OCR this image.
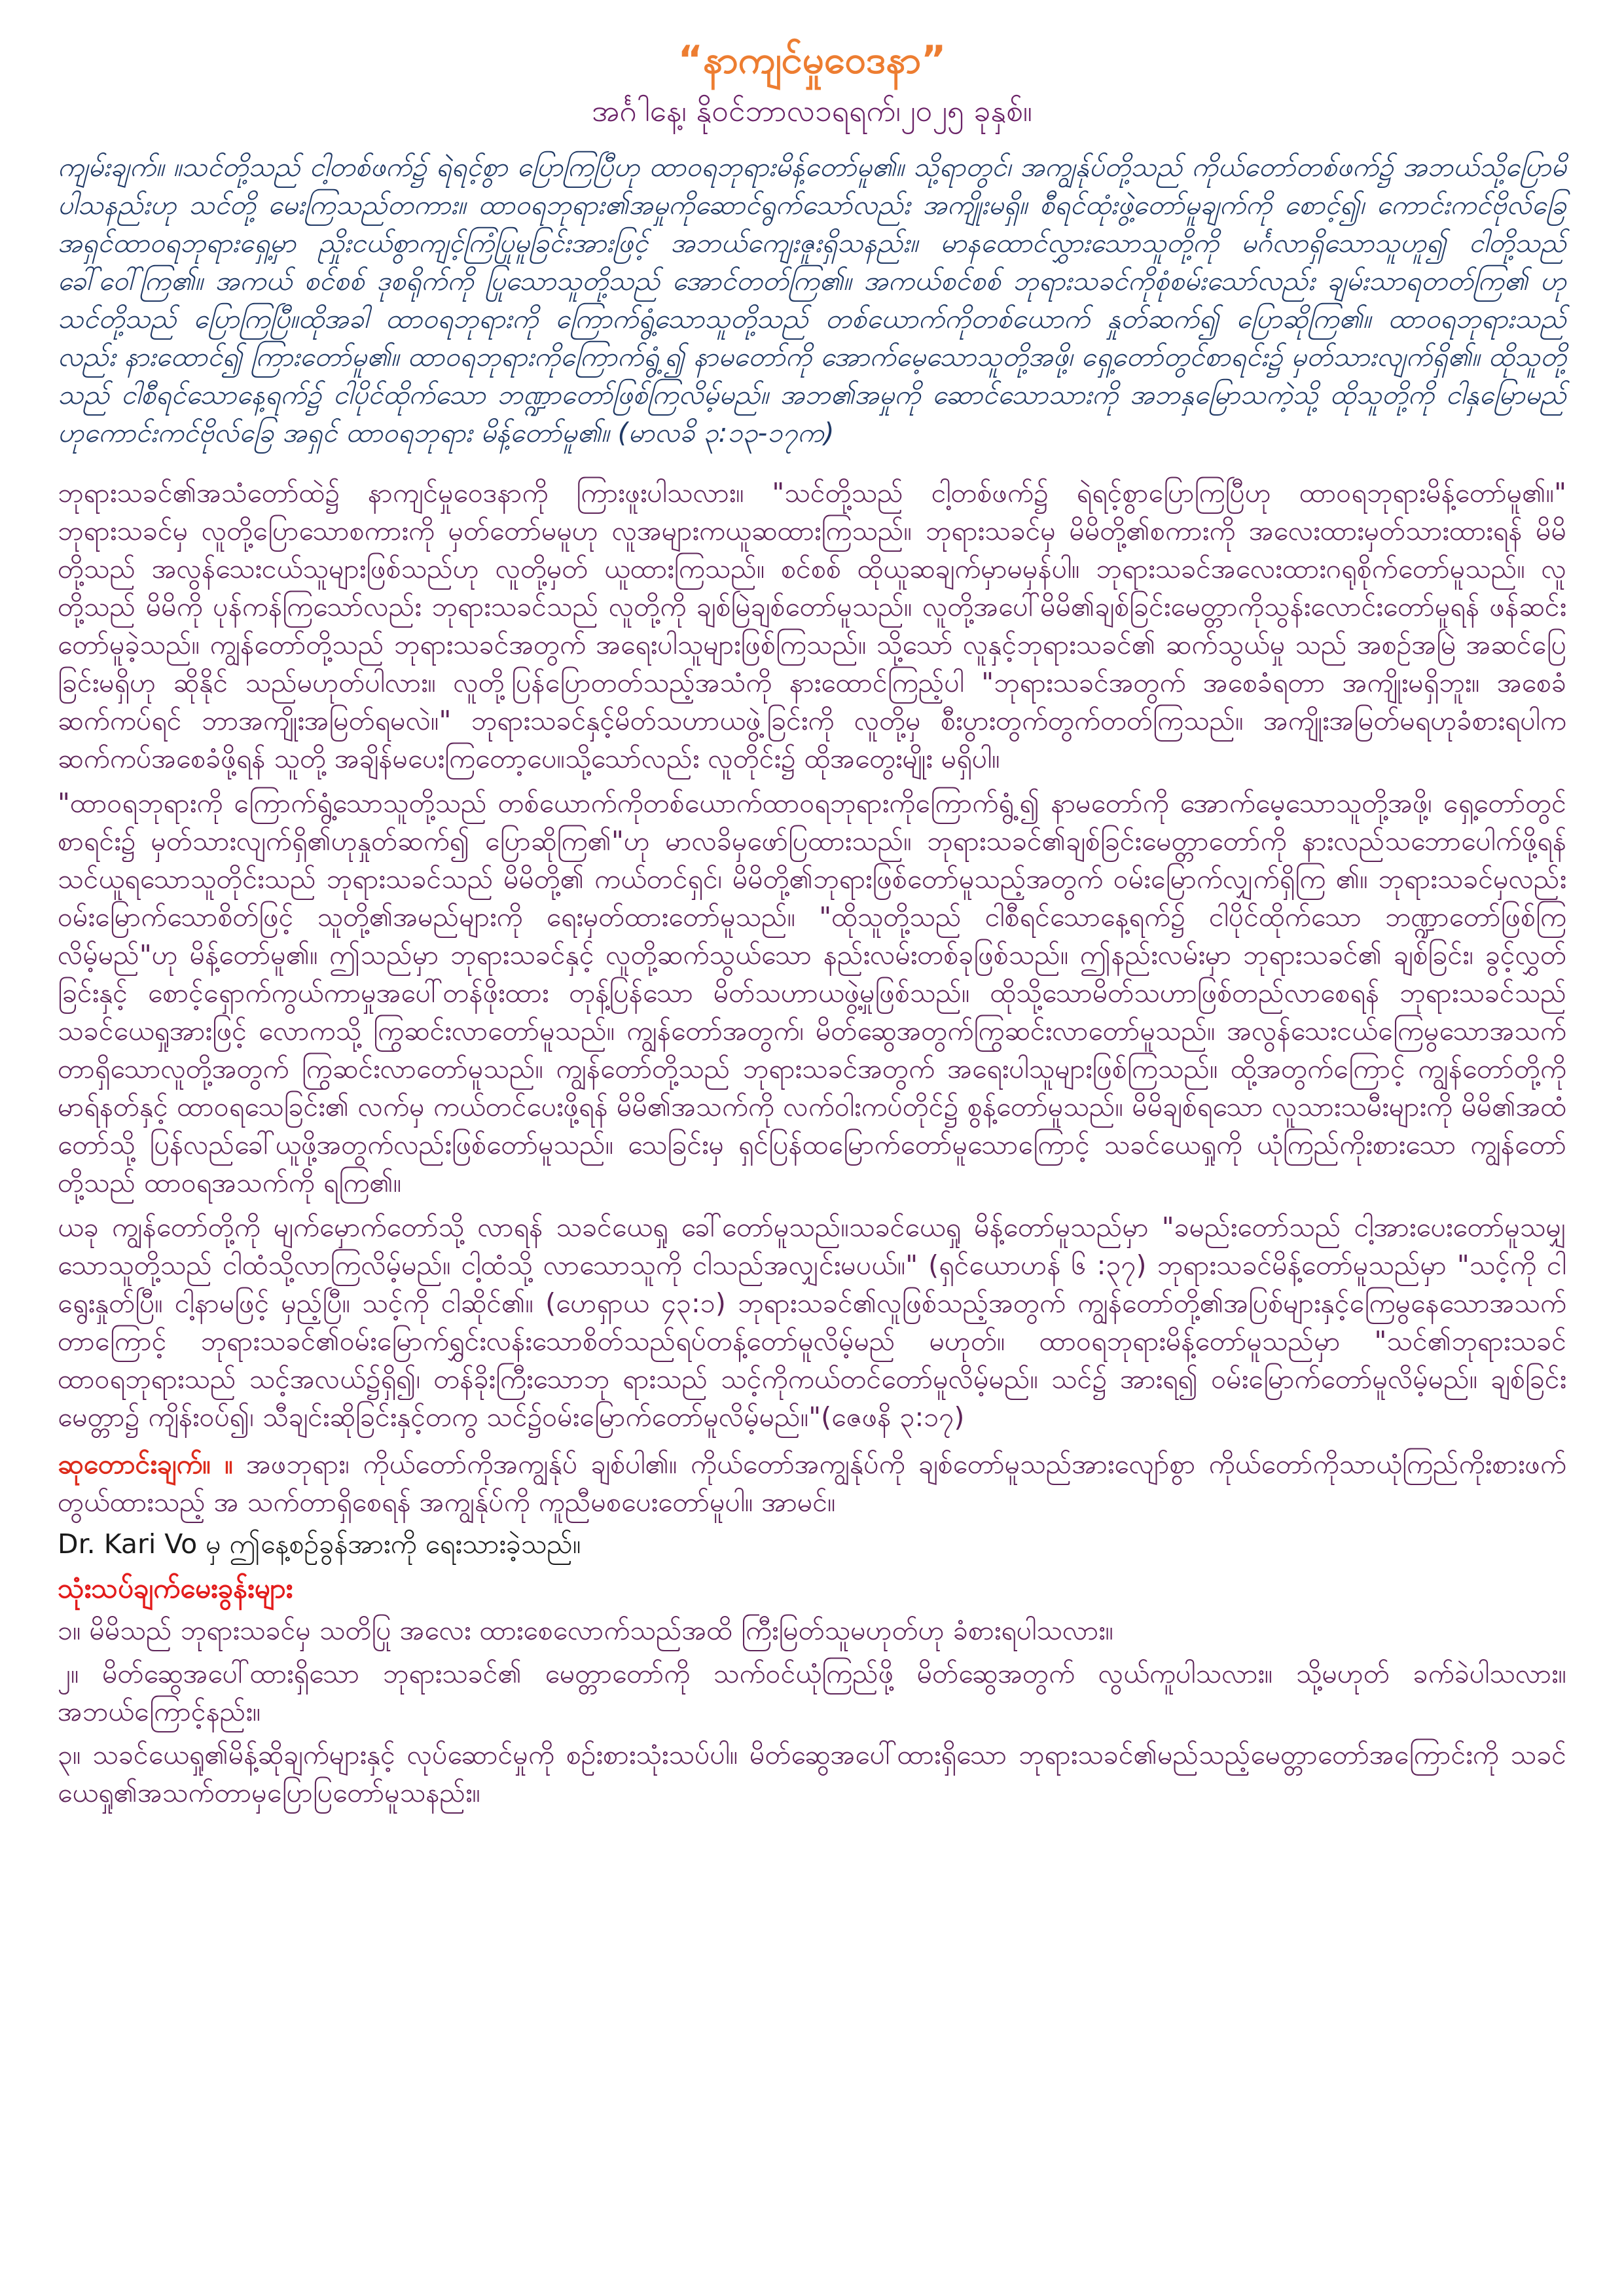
“နာကျင်မှုဝေဒနာ”
အင်္ဂါနေ့၊ နိုဝင်ဘာလ၁ရရက်၊၂၀၂၅ ခုနှစ်။

ကျမ်းချက်။ ။သင်တို့သည် ငါ့တစ်ဖက်၌ ရဲရင့်စွာ ပြောကြပြီဟု ထာဝရဘုရားမိန့်တော်မူ၏။ သို့ရာတွင်၊ အကျွန်ုပ်တို့သည် ကိုယ်တော်တစ်ဖက်၌ အဘယ်သို့ပြောမိပါသနည်းဟု သင်တို့ မေးကြသည်တကား။ ထာဝရဘုရား၏အမှုကိုဆောင်ရွက်သော်လည်း အကျိုးမရှိ။ စီရင်ထုံးဖွဲ့တော်မူချက်ကို စောင့်၍၊ ကောင်းကင်ဗိုလ်ခြေအရှင်ထာဝရဘုရားရှေ့မှာ ညှိုးငယ်စွာကျင့်ကြံပြုမူခြင်းအားဖြင့် အဘယ်ကျေးဇူးရှိသနည်း။ မာနထောင်လွှားသောသူတို့ကို မင်္ဂလာရှိသောသူဟူ၍ ငါတို့သည် ခေါ်ဝေါ်ကြ၏။ အကယ် စင်စစ် ဒုစရိုက်ကို ပြုသောသူတို့သည် အောင်တတ်ကြ၏။ အကယ်စင်စစ် ဘုရားသခင်ကိုစုံစမ်းသော်လည်း ချမ်းသာရတတ်ကြ၏ ဟု သင်တို့သည် ပြောကြပြီ။ထိုအခါ ထာဝရဘုရားကို ကြောက်ရွံ့သောသူတို့သည် တစ်ယောက်ကိုတစ်ယောက် နှုတ်ဆက်၍ ပြောဆိုကြ၏။ ထာဝရဘုရားသည် လည်း နားထောင်၍ ကြားတော်မူ၏။ ထာဝရဘုရားကိုကြောက်ရွံ့၍ နာမတော်ကို အောက်မေ့သောသူတို့အဖို့၊ ရှေ့တော်တွင်စာရင်း၌ မှတ်သားလျက်ရှိ၏။ ထိုသူတို့ သည် ငါစီရင်သောနေ့ရက်၌ ငါပိုင်ထိုက်သော ဘဏ္ဍာတော်ဖြစ်ကြလိမ့်မည်။ အဘ၏အမှုကို ဆောင်သောသားကို အဘနှမြောသကဲ့သို့ ထိုသူတို့ကို ငါနှမြောမည်ဟုကောင်းကင်ဗိုလ်ခြေ အရှင် ထာဝရဘုရား မိန့်တော်မူ၏။ (မာလခိ ၃:၁၃-၁၇က)

ဘုရားသခင်၏အသံတော်ထဲ၌ နာကျင်မှုဝေဒနာကို ကြားဖူးပါသလား။ "သင်တို့သည် ငါ့တစ်ဖက်၌ ရဲရင့်စွာပြောကြပြီဟု ထာဝရဘုရားမိန့်တော်မူ၏။" ဘုရားသခင်မှ လူတို့ပြောသောစကားကို မှတ်တော်မမူဟု လူအများကယူဆထားကြသည်။ ဘုရားသခင်မှ မိမိတို့၏စကားကို အလေးထားမှတ်သားထားရန် မိမိတို့သည် အလွန်သေးငယ်သူများဖြစ်သည်ဟု လူတို့မှတ် ယူထားကြသည်။ စင်စစ် ထိုယူဆချက်မှာမမှန်ပါ။ ဘုရားသခင်အလေးထားဂရုစိုက်တော်မူသည်။ လူတို့သည် မိမိကို ပုန်ကန်ကြသော်လည်း ဘုရားသခင်သည် လူတို့ကို ချစ်မြဲချစ်တော်မူသည်။ လူတို့အပေါ်မိမိ၏ချစ်ခြင်းမေတ္တာကိုသွန်းလောင်းတော်မူရန် ဖန်ဆင်းတော်မူခဲ့သည်။ ကျွန်တော်တို့သည် ဘုရားသခင်အတွက် အရေးပါသူများဖြစ်ကြသည်။ သို့သော် လူနှင့်ဘုရားသခင်၏ ဆက်သွယ်မှု သည် အစဉ်အမြဲ အဆင်ပြေခြင်းမရှိဟု ဆိုနိုင် သည်မဟုတ်ပါလား။ လူတို့ပြန်ပြောတတ်သည့်အသံကို နားထောင်ကြည့်ပါ "ဘုရားသခင်အတွက် အစေခံရတာ အကျိုးမရှိဘူး။ အစေခံဆက်ကပ်ရင် ဘာအကျိုးအမြတ်ရမလဲ။" ဘုရားသခင်နှင့်မိတ်သဟာယဖွဲ့ခြင်းကို လူတို့မှ စီးပွားတွက်တွက်တတ်ကြသည်။ အကျိုးအမြတ်မရဟုခံစားရပါက ဆက်ကပ်အစေခံဖို့ရန် သူတို့ အချိန်မပေးကြတော့ပေ။သို့သော်လည်း လူတိုင်း၌ ထိုအတွေးမျိုး မရှိပါ။

"ထာဝရဘုရားကို ကြောက်ရွံ့သောသူတို့သည် တစ်ယောက်ကိုတစ်ယောက်ထာဝရဘုရားကိုကြောက်ရွံ့၍ နာမတော်ကို အောက်မေ့သောသူတို့အဖို့၊ ရှေ့တော်တွင်စာရင်း၌ မှတ်သားလျက်ရှိ၏ဟုနှုတ်ဆက်၍ ပြောဆိုကြ၏"ဟု မာလခိမှဖော်ပြထားသည်။ ဘုရားသခင်၏ချစ်ခြင်းမေတ္တာတော်ကို နားလည်သဘောပေါက်ဖို့ရန် သင်ယူရသောသူတိုင်းသည် ဘုရားသခင်သည် မိမိတို့၏ ကယ်တင်ရှင်၊ မိမိတို့၏ဘုရားဖြစ်တော်မူသည့်အတွက် ဝမ်းမြောက်လျှက်ရှိကြ ၏။ ဘုရားသခင်မှလည်း ဝမ်းမြောက်သောစိတ်ဖြင့် သူတို့၏အမည်များကို ရေးမှတ်ထားတော်မူသည်။ "ထိုသူတို့သည် ငါစီရင်သောနေ့ရက်၌ ငါပိုင်ထိုက်သော ဘဏ္ဍာတော်ဖြစ်ကြ လိမ့်မည်"ဟု မိန့်တော်မူ၏။ ဤသည်မှာ ဘုရားသခင်နှင့် လူတို့ဆက်သွယ်သော နည်းလမ်းတစ်ခုဖြစ်သည်။ ဤနည်းလမ်းမှာ ဘုရားသခင်၏ ချစ်ခြင်း၊ ခွင့်လွှတ်ခြင်းနှင့် စောင့်ရှောက်ကွယ်ကာမှုအပေါ်တန်ဖိုးထား တုန့်ပြန်သော မိတ်သဟာယဖွဲ့မှုဖြစ်သည်။ ထိုသို့သောမိတ်သဟာဖြစ်တည်လာစေရန် ဘုရားသခင်သည် သခင်ယေရှုအားဖြင့် လောကသို့ ကြွဆင်းလာတော်မူသည်။ ကျွန်တော်အတွက်၊ မိတ်ဆွေအတွက်ကြွဆင်းလာတော်မူသည်။ အလွန်သေးငယ်ကြေမွသောအသက်တာရှိသောလူတို့အတွက် ကြွဆင်းလာတော်မူသည်။ ကျွန်တော်တို့သည် ဘုရားသခင်အတွက် အရေးပါသူများဖြစ်ကြသည်။ ထို့အတွက်ကြောင့် ကျွန်တော်တို့ကိုမာရ်နတ်နှင့် ထာဝရသေခြင်း၏ လက်မှ ကယ်တင်ပေးဖို့ရန် မိမိ၏အသက်ကို လက်ဝါးကပ်တိုင်၌ စွန့်တော်မူသည်။ မိမိချစ်ရသော လူသားသမီးများကို မိမိ၏အထံတော်သို့ ပြန်လည်ခေါ်ယူဖို့အတွက်လည်းဖြစ်တော်မူသည်။ သေခြင်းမှ ရှင်ပြန်ထမြောက်တော်မူသောကြောင့် သခင်ယေရှုကို ယုံကြည်ကိုးစားသော ကျွန်တော်တို့သည် ထာဝရအသက်ကို ရကြ၏။

ယခု ကျွန်တော်တို့ကို မျက်မှောက်တော်သို့ လာရန် သခင်ယေရှု ခေါ်တော်မူသည်။သခင်ယေရှု မိန့်တော်မူသည်မှာ "ခမည်းတော်သည် ငါ့အားပေးတော်မူသမျှသောသူတို့သည် ငါထံသို့လာကြလိမ့်မည်။ ငါ့ထံသို့ လာသောသူကို ငါသည်အလျှင်းမပယ်။" (ရှင်ယောဟန် ၆ :၃၇) ဘုရားသခင်မိန့်တော်မူသည်မှာ "သင့်ကို ငါရွေးနှုတ်ပြီ။ ငါ့နာမဖြင့် မှည့်ပြီ။ သင့်ကို ငါဆိုင်၏။ (ဟေရှာယ ၄၃:၁) ဘုရားသခင်၏လူဖြစ်သည့်အတွက် ကျွန်တော်တို့၏အပြစ်များနှင့်ကြေမွနေသောအသက်တာကြောင့် ဘုရားသခင်၏ဝမ်းမြောက်ရွှင်းလန်းသောစိတ်သည်ရပ်တန့်တော်မူလိမ့်မည် မဟုတ်။ ထာဝရဘုရားမိန့်တော်မူသည်မှာ "သင်၏ဘုရားသခင် ထာဝရဘုရားသည် သင့်အလယ်၌ရှိ၍၊ တန်ခိုးကြီးသောဘု ရားသည် သင့်ကိုကယ်တင်တော်မူလိမ့်မည်။ သင်၌ အားရ၍ ဝမ်းမြောက်တော်မူလိမ့်မည်။ ချစ်ခြင်းမေတ္တာ၌ ကျိန်းဝပ်၍၊ သီချင်းဆိုခြင်းနှင့်တကွ သင်၌ဝမ်းမြောက်တော်မူလိမ့်မည်။"(ဇေဖနိ ၃:၁၇)

ဆုတောင်းချက်။ ။ အဖဘုရား၊ ကိုယ်တော်ကိုအကျွန်ုပ် ချစ်ပါ၏။ ကိုယ်တော်အကျွန်ုပ်ကို ချစ်တော်မူသည်အားလျော်စွာ ကိုယ်တော်ကိုသာယုံကြည်ကိုးစားဖက်တွယ်ထားသည့် အ သက်တာရှိစေရန် အကျွန်ုပ်ကို ကူညီမစပေးတော်မူပါ။ အာမင်။

Dr. Kari Vo မှ ဤနေ့စဉ်ခွန်အားကို ရေးသားခဲ့သည်။

သုံးသပ်ချက်မေးခွန်းများ

၁။ မိမိသည် ဘုရားသခင်မှ သတိပြု အလေး ထားစေလောက်သည်အထိ ကြီးမြတ်သူမဟုတ်ဟု ခံစားရပါသလား။

၂။ မိတ်ဆွေအပေါ်ထားရှိသော ဘုရားသခင်၏ မေတ္တာတော်ကို သက်ဝင်ယုံကြည်ဖို့ မိတ်ဆွေအတွက် လွယ်ကူပါသလား။ သို့မဟုတ် ခက်ခဲပါသလား။ အဘယ်ကြောင့်နည်း။

၃။ သခင်ယေရှု၏မိန့်ဆိုချက်များနှင့် လုပ်ဆောင်မှုကို စဉ်းစားသုံးသပ်ပါ။ မိတ်ဆွေအပေါ်ထားရှိသော ဘုရားသခင်၏မည်သည့်မေတ္တာတော်အကြောင်းကို သခင်ယေရှု၏အသက်တာမှပြောပြတော်မူသနည်း။
